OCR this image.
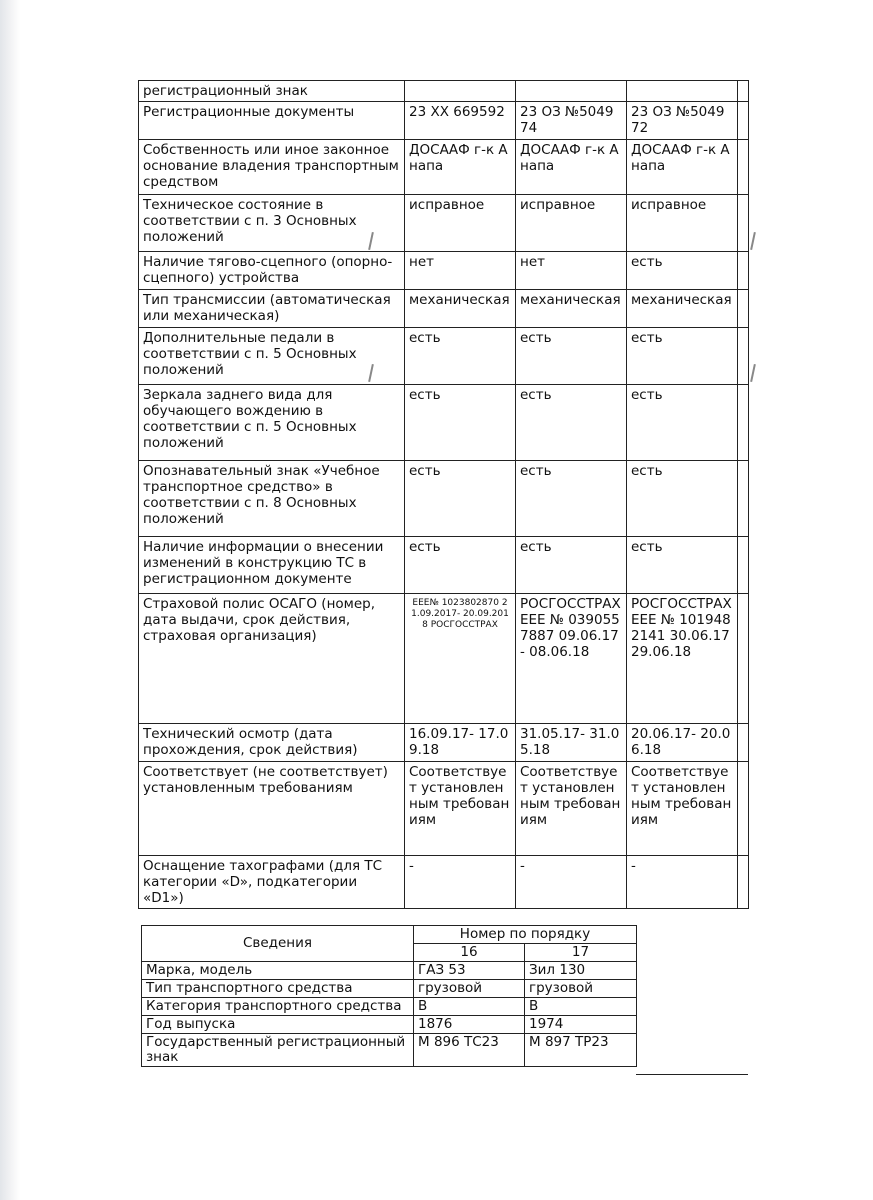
регистрационный знак				
Регистрационные документы	23 ХХ 669592	23 ОЗ №504974	23 ОЗ №504972	
Собственность или иное законное основание владения транспортным средством	ДОСААФ г-к Анапа	ДОСААФ г-к Анапа	ДОСААФ г-к Анапа	
Техническое состояние в соответствии с п. 3 Основных положений	исправное	исправное	исправное	
Наличие тягово-сцепного (опорно-сцепного) устройства	нет	нет	есть	
Тип трансмиссии (автоматическая или механическая)	механическая	механическая	механическая	
Дополнительные педали в соответствии с п. 5 Основных положений	есть	есть	есть	
Зеркала заднего вида для обучающего вождению в соответствии с п. 5 Основных положений	есть	есть	есть	
Опознавательный знак «Учебное транспортное средство» в соответствии с п. 8 Основных положений	есть	есть	есть	
Наличие информации о внесении изменений в конструкцию ТС в регистрационном документе	есть	есть	есть	
Страховой полис ОСАГО (номер, дата выдачи, срок действия, страховая организация)	ЕЕЕ№ 1023802870 21.09.2017- 20.09.2018 РОСГОССТРАХ	РОСГОССТРАХ ЕЕЕ № 0390557887 09.06.17- 08.06.18	РОСГОССТРАХ ЕЕЕ № 1019482141 30.06.17 29.06.18	
Технический осмотр (дата прохождения, срок действия)	16.09.17- 17.09.18	31.05.17- 31.05.18	20.06.17- 20.06.18	
Соответствует (не соответствует) установленным требованиям	Соответствует установленным требованиям	Соответствует установленным требованиям	Соответствует установленным требованиям	
Оснащение тахографами (для ТС категории «D», подкатегории «D1»)	-	-	-	
Сведения	Номер по порядку	
	16	17
Марка, модель	ГАЗ 53	Зил 130
Тип транспортного средства	грузовой	грузовой
Категория транспортного средства	В	В
Год выпуска	1876	1974
Государственный регистрационный знак	М 896 ТС23	М 897 ТР23
